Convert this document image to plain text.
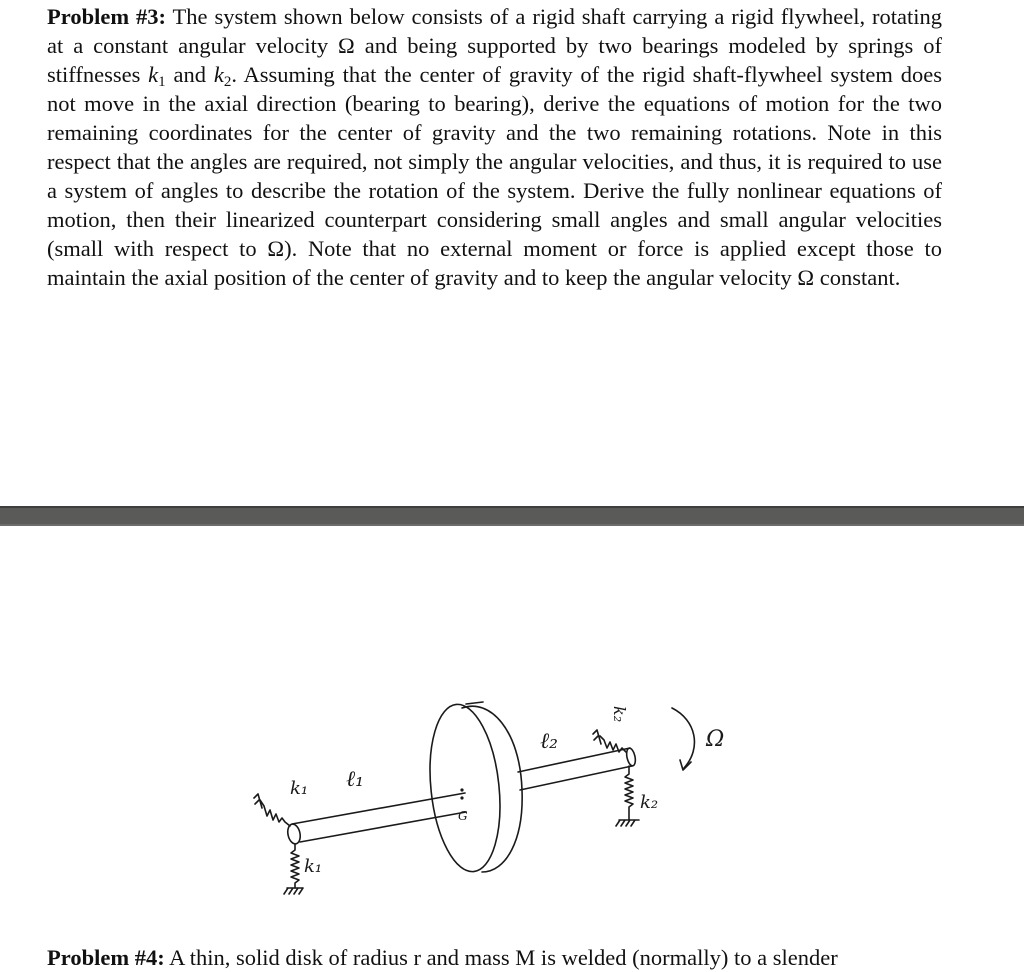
Problem #3: The system shown below consists of a rigid shaft carrying a rigid flywheel, rotating at a constant angular velocity Ω and being supported by two bearings modeled by springs of stiffnesses $k_1$ and $k_2$. Assuming that the center of gravity of the rigid shaft-flywheel system does not move in the axial direction (bearing to bearing), derive the equations of motion for the two remaining coordinates for the center of gravity and the two remaining rotations. Note in this respect that the angles are required, not simply the angular velocities, and thus, it is required to use a system of angles to describe the rotation of the system. Derive the fully nonlinear equations of motion, then their linearized counterpart considering small angles and small angular velocities (small with respect to Ω). Note that no external moment or force is applied except those to maintain the axial position of the center of gravity and to keep the angular velocity Ω constant.
k₁ ℓ₁
k₁
G
ℓ₂
k₂
k₂
Ω
Problem #4: A thin, solid disk of radius r and mass M is welded (normally) to a slender
